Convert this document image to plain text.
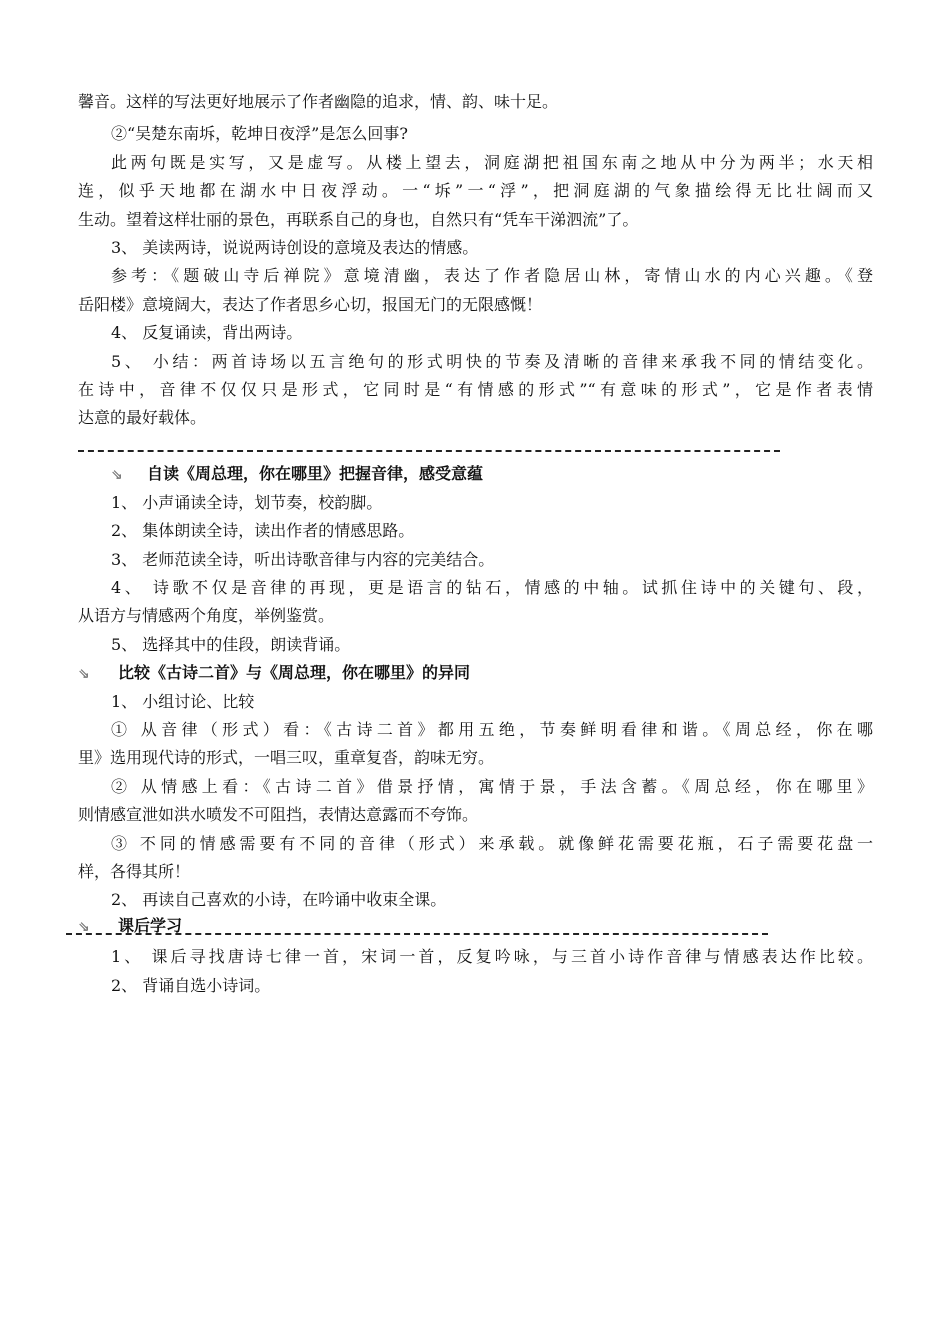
馨音。这样的写法更好地展示了作者幽隐的追求，情、韵、味十足。
②“吴楚东南坼，乾坤日夜浮”是怎么回事?
此两句既是实写，又是虚写。从楼上望去，洞庭湖把祖国东南之地从中分为两半；水天相
连，似乎天地都在湖水中日夜浮动。一“坼”一“浮”，把洞庭湖的气象描绘得无比壮阔而又
生动。望着这样壮丽的景色，再联系自己的身也，自然只有“凭车干涕泗流”了。
3、 美读两诗，说说两诗创设的意境及表达的情感。
参考：《题破山寺后禅院》意境清幽，表达了作者隐居山林，寄情山水的内心兴趣。《登
岳阳楼》意境阔大，表达了作者思乡心切，报国无门的无限感慨！
4、 反复诵读，背出两诗。
5、 小结：两首诗场以五言绝句的形式明快的节奏及清晰的音律来承我不同的情结变化。
在诗中，音律不仅仅只是形式，它同时是“有情感的形式”“有意味的形式”，它是作者表情
达意的最好载体。
⇘ 自读《周总理，你在哪里》把握音律，感受意蕴
1、 小声诵读全诗，划节奏，校韵脚。
2、 集体朗读全诗，读出作者的情感思路。
3、 老师范读全诗，听出诗歌音律与内容的完美结合。
4、 诗歌不仅是音律的再现，更是语言的钻石，情感的中轴。试抓住诗中的关键句、段，
从语方与情感两个角度，举例鉴赏。
5、 选择其中的佳段，朗读背诵。
⇘ 比较《古诗二首》与《周总理，你在哪里》的异同
1、 小组讨论、比较
① 从音律（形式）看：《古诗二首》都用五绝，节奏鲜明看律和谐。《周总经，你在哪
里》选用现代诗的形式，一唱三叹，重章复沓，韵味无穷。
② 从情感上看：《古诗二首》借景抒情，寓情于景，手法含蓄。《周总经，你在哪里》
则情感宣泄如洪水喷发不可阻挡，表情达意露而不夸饰。
③ 不同的情感需要有不同的音律（形式）来承载。就像鲜花需要花瓶，石子需要花盘一
样，各得其所！
2、 再读自己喜欢的小诗，在吟诵中收束全课。
⇘ 课后学习
1、 课后寻找唐诗七律一首，宋词一首，反复吟咏，与三首小诗作音律与情感表达作比较。
2、 背诵自选小诗词。
